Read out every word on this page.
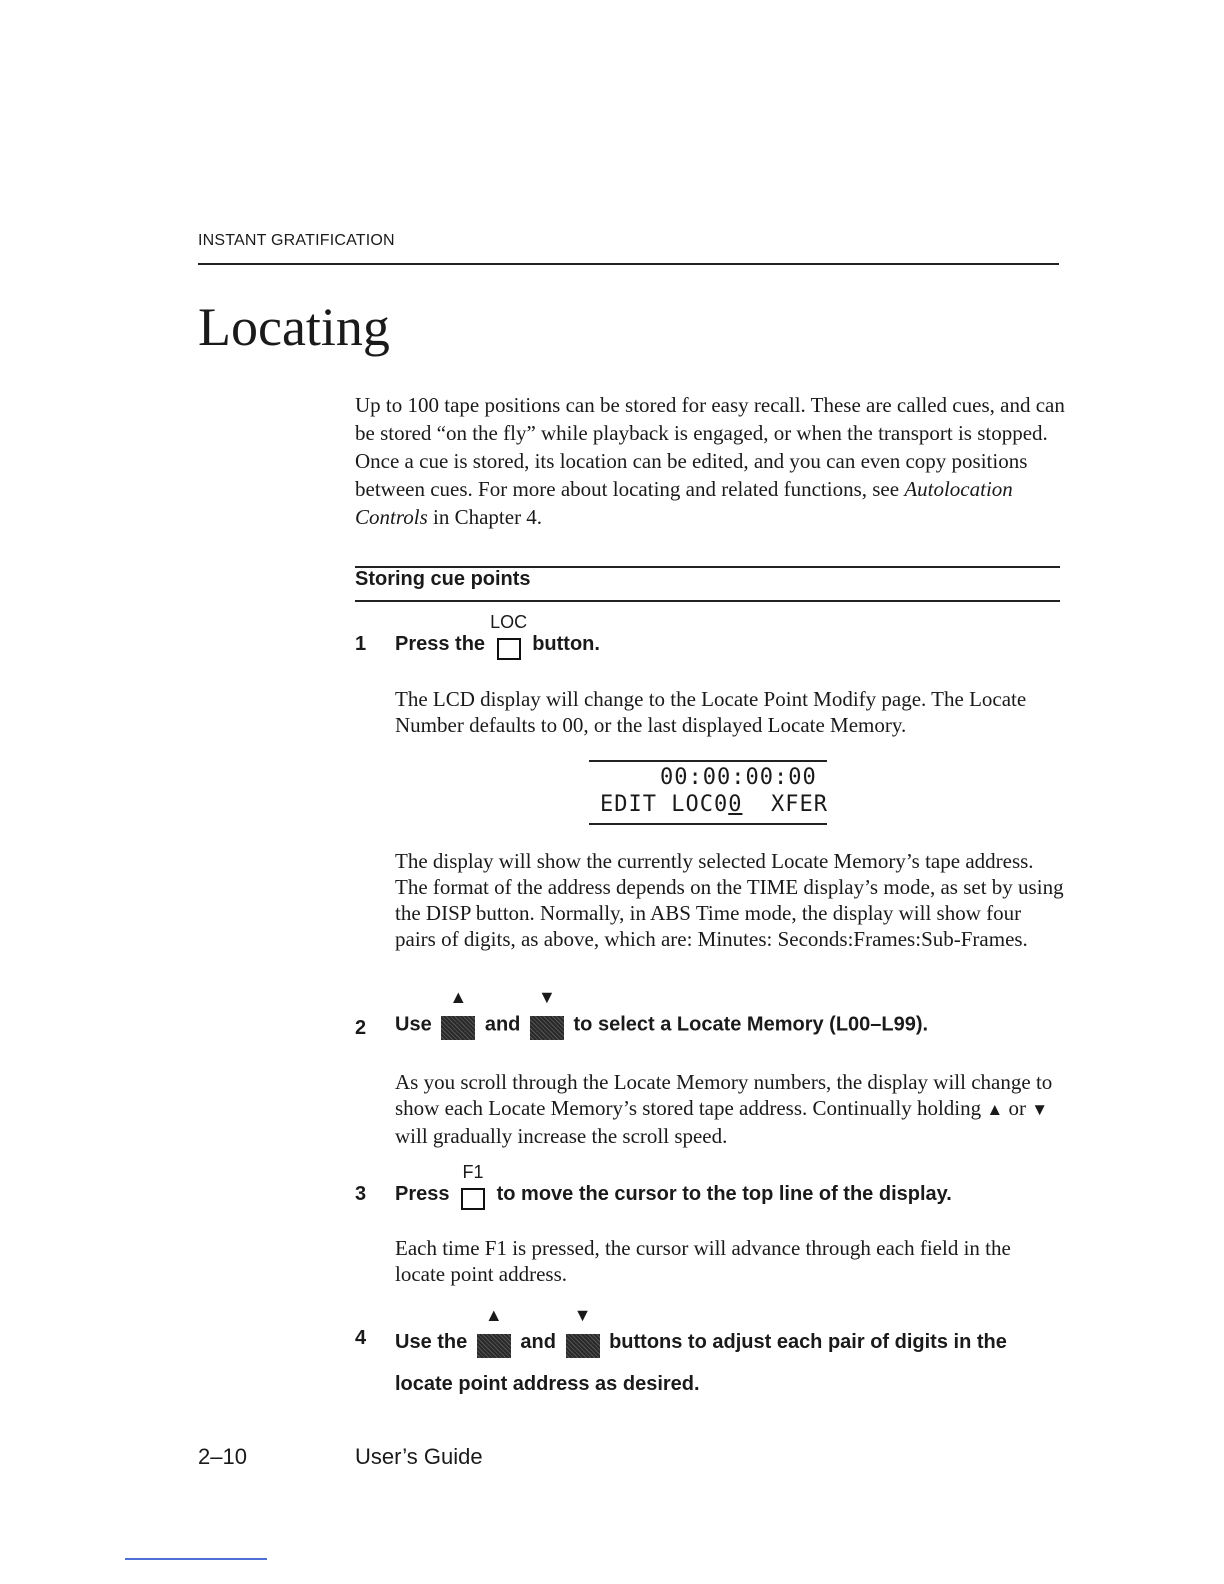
INSTANT GRATIFICATION
Locating
Up to 100 tape positions can be stored for easy recall. These are called cues, and can be stored “on the fly” while playback is engaged, or when the transport is stopped. Once a cue is stored, its location can be edited, and you can even copy positions between cues. For more about locating and related functions, see Autolocation Controls in Chapter 4.
Storing cue points
1 Press the
LOC
button.
The LCD display will change to the Locate Point Modify page. The Locate Number defaults to 00, or the last displayed Locate Memory.
00:00:00:00
EDIT LOC00  XFER
The display will show the currently selected Locate Memory’s tape address. The format of the address depends on the TIME display’s mode, as set by using the DISP button. Normally, in ABS Time mode, the display will show four pairs of digits, as above, which are: Minutes: Seconds:Frames:Sub-Frames.
2 Use
▲
and
▼
to select a Locate Memory (L00–L99).
As you scroll through the Locate Memory numbers, the display will change to show each Locate Memory’s stored tape address. Continually holding ▲ or ▼ will gradually increase the scroll speed.
3 Press
F1
to move the cursor to the top line of the display.
Each time F1 is pressed, the cursor will advance through each field in the locate point address.
4 Use the
▲
and
▼
buttons to adjust each pair of digits in the
locate point address as desired.
2–10	User’s Guide
